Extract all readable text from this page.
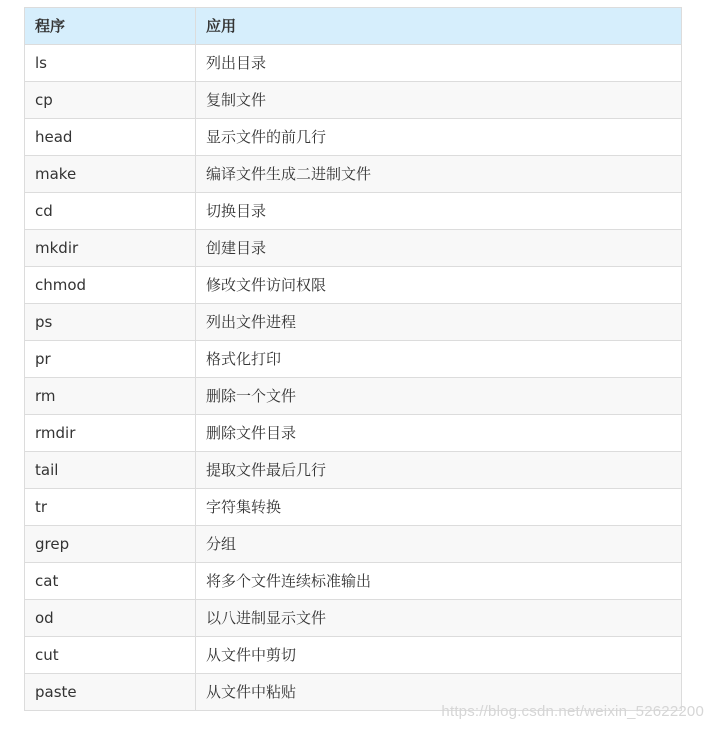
程序	应用
ls	列出目录
cp	复制文件
head	显示文件的前几行
make	编译文件生成二进制文件
cd	切换目录
mkdir	创建目录
chmod	修改文件访问权限
ps	列出文件进程
pr	格式化打印
rm	删除一个文件
rmdir	删除文件目录
tail	提取文件最后几行
tr	字符集转换
grep	分组
cat	将多个文件连续标准输出
od	以八进制显示文件
cut	从文件中剪切
paste	从文件中粘贴
https://blog.csdn.net/weixin_52622200
